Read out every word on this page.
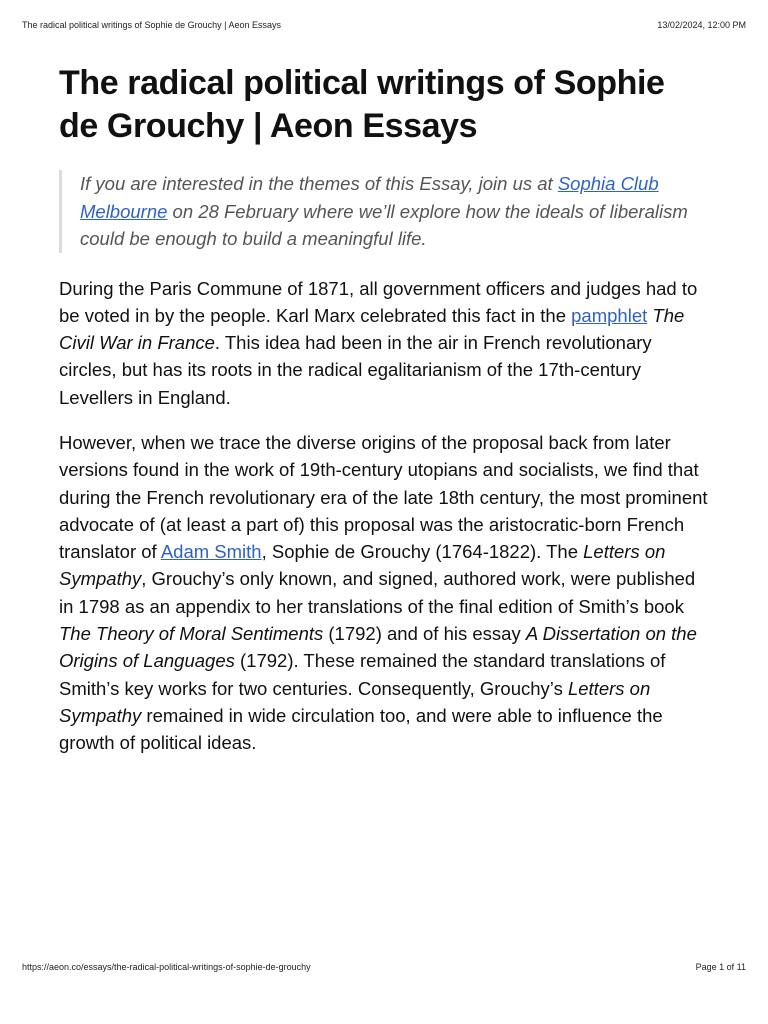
The radical political writings of Sophie de Grouchy | Aeon Essays	13/02/2024, 12:00 PM
The radical political writings of Sophie de Grouchy | Aeon Essays
If you are interested in the themes of this Essay, join us at Sophia Club Melbourne on 28 February where we’ll explore how the ideals of liberalism could be enough to build a meaningful life.

During the Paris Commune of 1871, all government officers and judges had to be voted in by the people. Karl Marx celebrated this fact in the pamphlet The Civil War in France. This idea had been in the air in French revolutionary circles, but has its roots in the radical egalitarianism of the 17th-century Levellers in England.

However, when we trace the diverse origins of the proposal back from later versions found in the work of 19th-century utopians and socialists, we find that during the French revolutionary era of the late 18th century, the most prominent advocate of (at least a part of) this proposal was the aristocratic-born French translator of Adam Smith, Sophie de Grouchy (1764-1822). The Letters on Sympathy, Grouchy’s only known, and signed, authored work, were published in 1798 as an appendix to her translations of the final edition of Smith’s book The Theory of Moral Sentiments (1792) and of his essay A Dissertation on the Origins of Languages (1792). These remained the standard translations of Smith’s key works for two centuries. Consequently, Grouchy’s Letters on Sympathy remained in wide circulation too, and were able to influence the growth of political ideas.

https://aeon.co/essays/the-radical-political-writings-of-sophie-de-grouchy	Page 1 of 11
